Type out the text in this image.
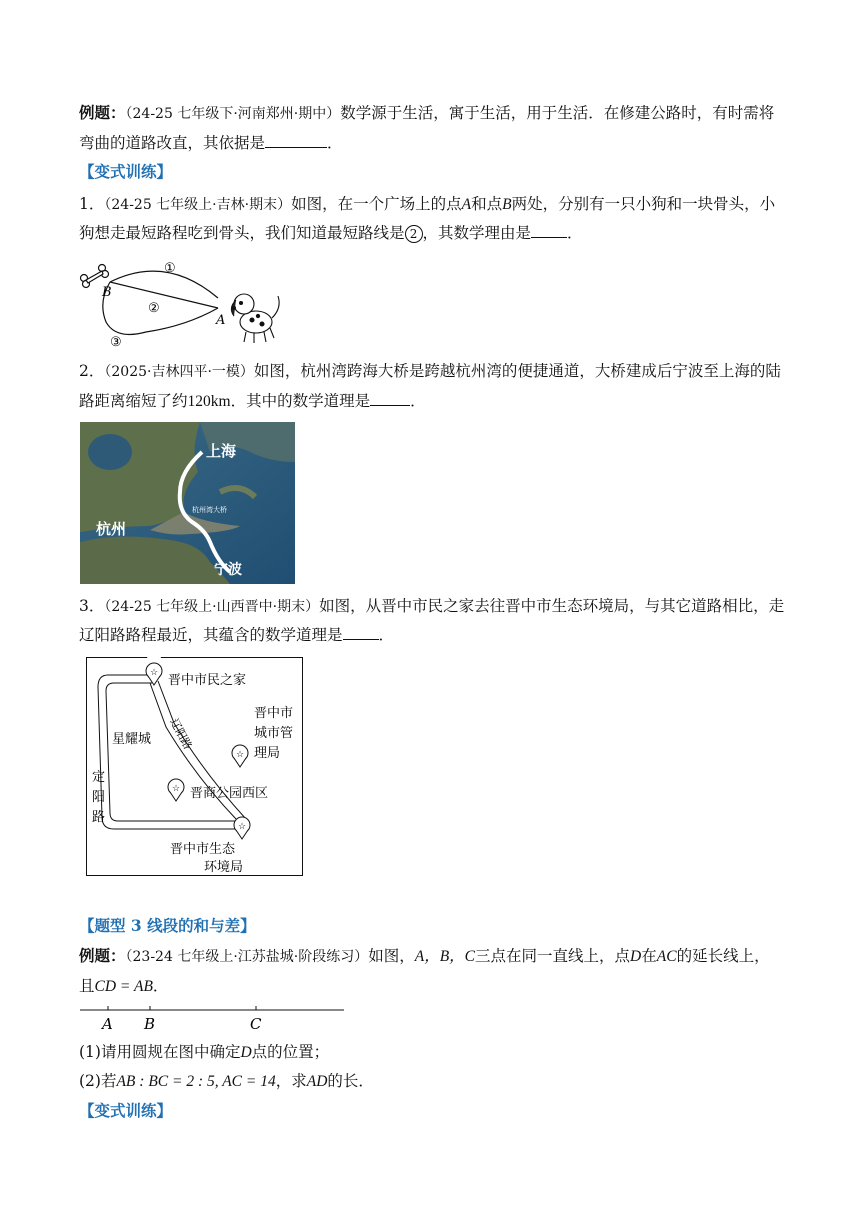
例题：（24-25 七年级下·河南郑州·期中）数学源于生活，寓于生活，用于生活．在修建公路时，有时需将
弯曲的道路改直，其依据是	．
【变式训练】
1．（24-25 七年级上·吉林·期末）如图，在一个广场上的点A和点B两处，分别有一只小狗和一块骨头，小
狗想走最短路程吃到骨头，我们知道最短路线是 2 ，其数学理由是 ．
①
②
③
B
A
2．（2025·吉林四平·一模）如图，杭州湾跨海大桥是跨越杭州湾的便捷通道，大桥建成后宁波至上海的陆
路距离缩短了约120km．其中的数学道理是	．
上海
杭州
宁波
杭州湾大桥
3．（24-25 七年级上·山西晋中·期末）如图，从晋中市民之家去往晋中市生态环境局，与其它道路相比，走
辽阳路路程最近，其蕴含的数学道理是 ．
☆
☆
☆
☆
晋中市民之家
星耀城 辽阳路
定
阳
路
晋中市
城市管
理局
晋商公园西区
晋中市生态
环境局
【题型 3 线段的和与差】
例题：（23-24 七年级上·江苏盐城·阶段练习）如图，A，B，C三点在同一直线上，点D在AC的延长线上，
且CD = AB．
A B	C
(1)请用圆规在图中确定D点的位置；
(2)若AB : BC = 2 : 5, AC = 14，求AD的长．
【变式训练】
